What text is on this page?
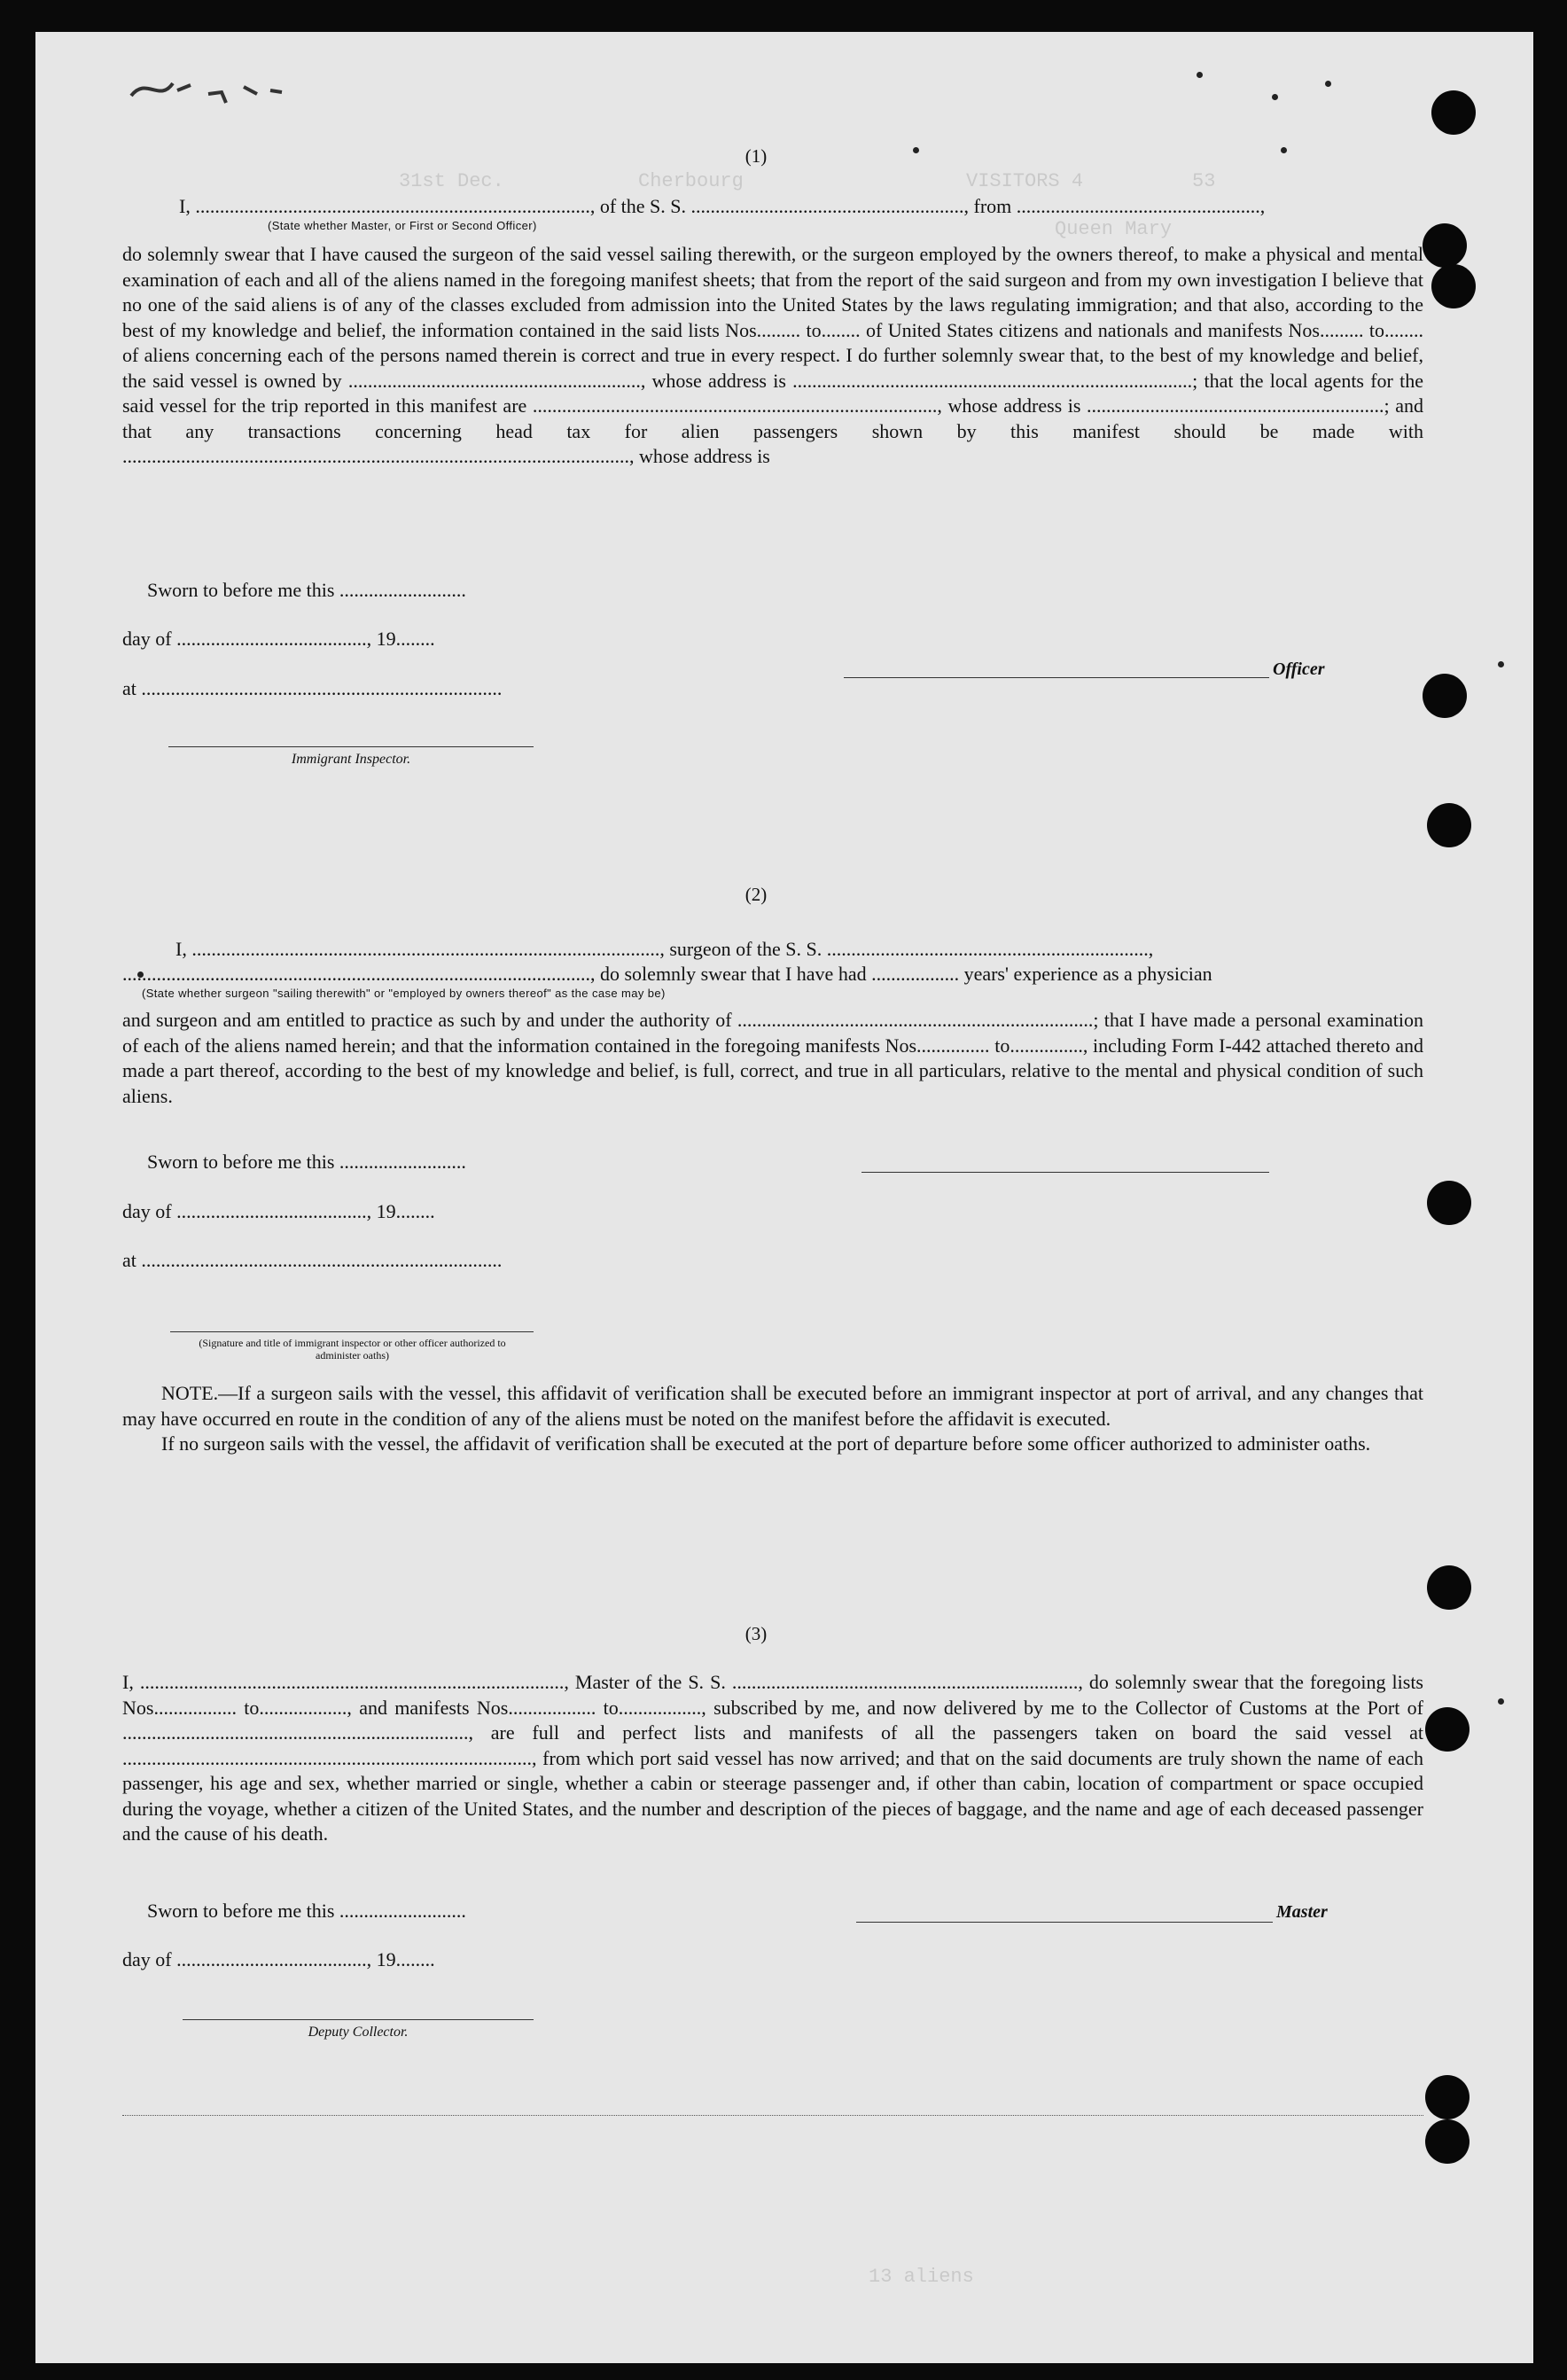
VISITORS 4
Cherbourg
31st Dec.	53
Queen Mary
13 aliens
(1)
I, ................................................................................., of the S. S. ........................................................, from ..................................................,
(State whether Master, or First or Second Officer)

do solemnly swear that I have caused the surgeon of the said vessel sailing therewith, or the surgeon employed by the owners thereof, to make a physical and mental examination of each and all of the aliens named in the foregoing manifest sheets; that from the report of the said surgeon and from my own investigation I believe that no one of the said aliens is of any of the classes excluded from admission into the United States by the laws regulating immigration; and that also, according to the best of my knowledge and belief, the information contained in the said lists Nos......... to........ of United States citizens and nationals and manifests Nos......... to........ of aliens concerning each of the persons named therein is correct and true in every respect. I do further solemnly swear that, to the best of my knowledge and belief, the said vessel is owned by ............................................................, whose address is ..................................................................................; that the local agents for the said vessel for the trip reported in this manifest are ..................................................................................., whose address is .............................................................; and that any transactions concerning head tax for alien passengers shown by this manifest should be made with ........................................................................................................, whose address is

Sworn to before me this ..........................
day of ......................................., 19........
at ..........................................................................
Immigrant Inspector.
Officer
(2)
I, ................................................................................................, surgeon of the S. S. ..................................................................,
................................................................................................, do solemnly swear that I have had .................. years' experience as a physician
(State whether surgeon "sailing therewith" or "employed by owners thereof" as the case may be)

and surgeon and am entitled to practice as such by and under the authority of .........................................................................; that I have made a personal examination of each of the aliens named herein; and that the information contained in the foregoing manifests Nos............... to..............., including Form I-442 attached thereto and made a part thereof, according to the best of my knowledge and belief, is full, correct, and true in all particulars, relative to the mental and physical condition of such aliens.

Sworn to before me this ..........................
day of ......................................., 19........
at ..........................................................................
(Signature and title of immigrant inspector or other officer authorized to administer oaths)

NOTE.—If a surgeon sails with the vessel, this affidavit of verification shall be executed before an immigrant inspector at port of arrival, and any changes that may have occurred en route in the condition of any of the aliens must be noted on the manifest before the affidavit is executed.

If no surgeon sails with the vessel, the affidavit of verification shall be executed at the port of departure before some officer authorized to administer oaths.

(3)

I, ......................................................................................., Master of the S. S. ......................................................................., do solemnly swear that the foregoing lists Nos................. to.................., and manifests Nos.................. to................., subscribed by me, and now delivered by me to the Collector of Customs at the Port of ......................................................................., are full and perfect lists and manifests of all the passengers taken on board the said vessel at ...................................................................................., from which port said vessel has now arrived; and that on the said documents are truly shown the name of each passenger, his age and sex, whether married or single, whether a cabin or steerage passenger and, if other than cabin, location of compartment or space occupied during the voyage, whether a citizen of the United States, and the number and description of the pieces of baggage, and the name and age of each deceased passenger and the cause of his death.

Sworn to before me this ..........................
day of ......................................., 19........
Deputy Collector.
Master
